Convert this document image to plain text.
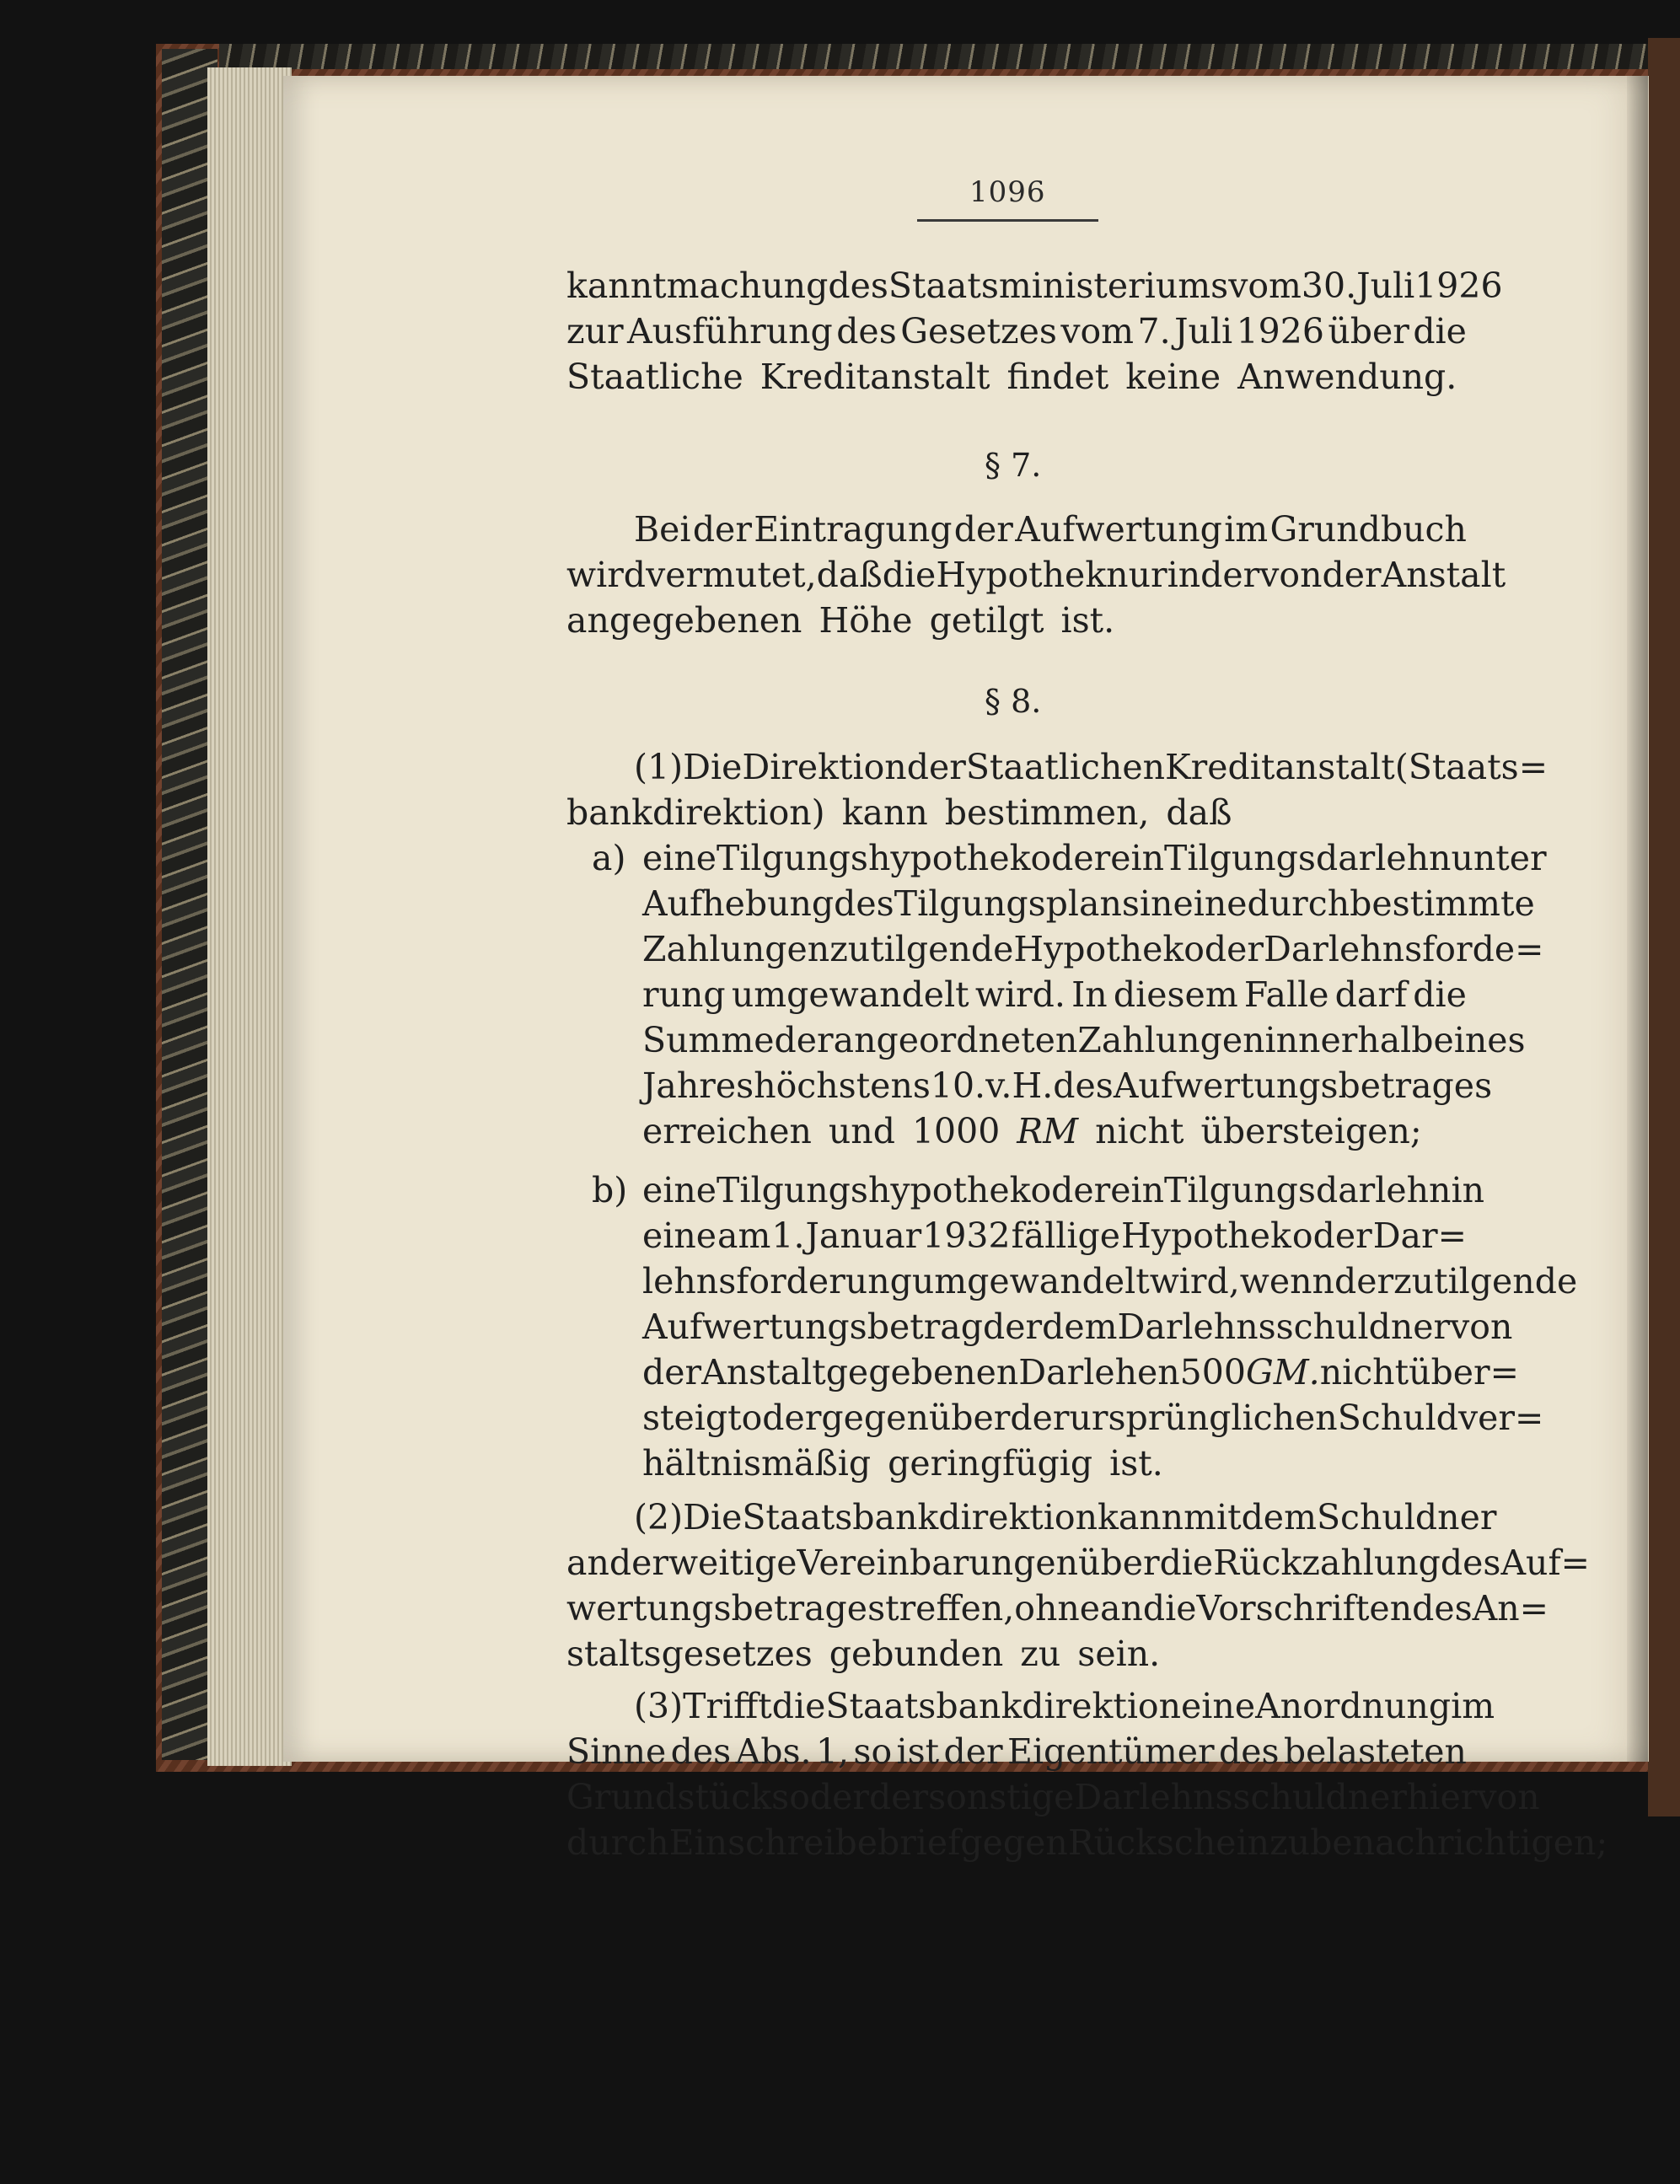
1096
kanntmachung des Staatsministeriums vom 30. Juli 1926
zur Ausführung des Gesetzes vom 7. Juli 1926 über die
Staatliche Kreditanstalt findet keine Anwendung.
§ 7.
Bei der Eintragung der Aufwertung im Grundbuch
wird vermutet, daß die Hypothek nur in der von der Anstalt
angegebenen Höhe getilgt ist.
§ 8.
(1) Die Direktion der Staatlichen Kreditanstalt (Staats=
bankdirektion) kann bestimmen, daß
a) eine Tilgungshypothek oder ein Tilgungsdarlehn unter
Aufhebung des Tilgungsplans in eine durch bestimmte
Zahlungen zu tilgende Hypothek oder Darlehnsforde=
rung umgewandelt wird. In diesem Falle darf die
Summe der angeordneten Zahlungen innerhalb eines
Jahres höchstens 10. v. H. des Aufwertungsbetrages
erreichen und 1000 RM nicht übersteigen;
b) eine Tilgungshypothek oder ein Tilgungsdarlehn in
eine am 1. Januar 1932 fällige Hypothek oder Dar=
lehnsforderung umgewandelt wird, wenn der zu tilgende
Aufwertungsbetrag der dem Darlehnsschuldner von
der Anstalt gegebenen Darlehen 500 GM. nicht über=
steigt oder gegenüber der ursprünglichen Schuld ver=
hältnismäßig geringfügig ist.
(2) Die Staatsbankdirektion kann mit dem Schuldner
anderweitige Vereinbarungen über die Rückzahlung des Auf=
wertungsbetrages treffen, ohne an die Vorschriften des An=
staltsgesetzes gebunden zu sein.
(3) Trifft die Staatsbankdirektion eine Anordnung im
Sinne des Abs. 1, so ist der Eigentümer des belasteten
Grundstücks oder der sonstige Darlehnsschuldner hiervon
durch Einschreibebrief gegen Rückschein zu benachrichtigen;
